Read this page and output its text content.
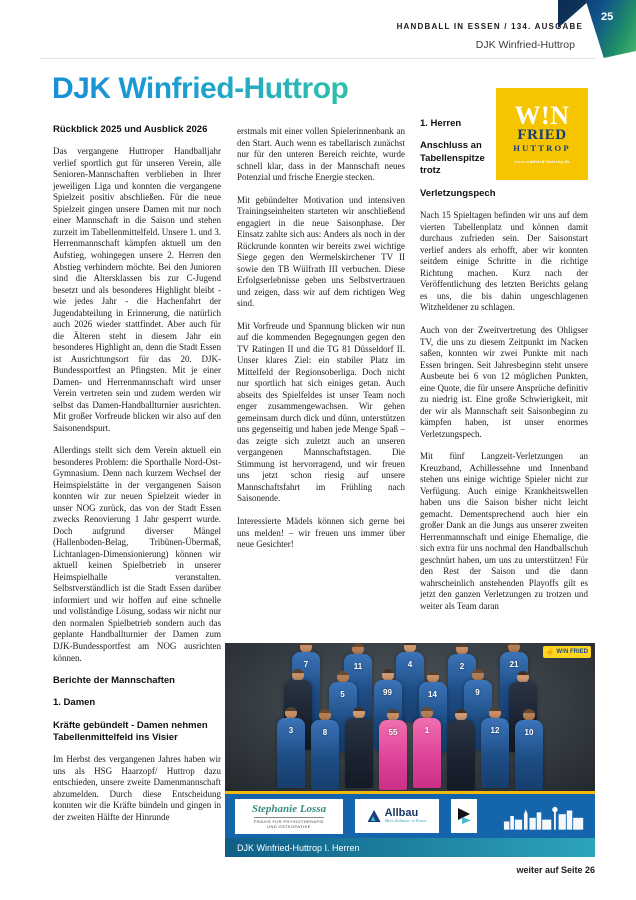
25
HANDBALL IN ESSEN / 134. AUSGABE
DJK Winfried-Huttrop
DJK Winfried-Huttrop
Rückblick 2025 und Ausblick 2026

Das vergangene Huttroper Handballjahr verlief sportlich gut für unseren Verein, alle Senioren-Mannschaften verblieben in Ihrer jeweiligen Liga und konnten die vergangene Spielzeit positiv abschließen. Für die neue Spielzeit gingen unsere Damen mit nur noch einer Mannschaft in die Saison und stehen zurzeit im Tabellenmittelfeld. Unsere 1. und 3. Herrenmannschaft kämpfen aktuell um den Aufstieg, wohingegen unsere 2. Herren den Abstieg verhindern möchte. Bei den Junioren sind die Altersklassen bis zur C-Jugend besetzt und als besonderes Highlight bleibt - wie jedes Jahr - die Hachenfahrt der Jugendabteilung in Erinnerung, die natürlich auch 2026 wieder stattfindet. Aber auch für die Älteren steht in diesem Jahr ein besonderes Highlight an, denn die Stadt Essen ist Ausrichtungsort für das 20. DJK-Bundessportfest an Pfingsten. Mit je einer Damen- und Herrenmannschaft wird unser Verein vertreten sein und zudem werden wir selbst das Damen-Handballturnier ausrichten. Mit großer Vorfreude blicken wir also auf den Saisonendspurt.

Allerdings stellt sich dem Verein aktuell ein besonderes Problem: die Sporthalle Nord-Ost-Gymnasium. Denn nach kurzem Wechsel der Heimspielstätte in der vergangenen Saison konnten wir zur neuen Spielzeit wieder in unser NOG zurück, das von der Stadt Essen zwecks Renovierung 1 Jahr gesperrt wurde. Doch aufgrund diverser Mängel (Hallenboden-Belag, Tribünen-Übermaß, Lichtanlagen-Dimensionierung) können wir aktuell keinen Spielbetrieb in unserer Heimspielhalle veranstalten. Selbstverständlich ist die Stadt Essen darüber informiert und wir hoffen auf eine schnelle und vollständige Lösung, sodass wir nicht nur den normalen Spielbetrieb sondern auch das geplante Handballturnier der Damen zum DJK-Bundessportfest am NOG ausrichten können.

Berichte der Mannschaften
1. Damen
Kräfte gebündelt - Damen nehmen Tabellenmittelfeld ins Visier

Im Herbst des vergangenen Jahres haben wir uns als HSG Haarzopf/ Huttrop dazu entschieden, unsere zweite Damenmannschaft abzumelden. Durch diese Entscheidung konnten wir die Kräfte bündeln und gingen in der zweiten Hälfte der Hinrunde

erstmals mit einer vollen Spielerinnenbank an den Start. Auch wenn es tabellarisch zunächst nur für den unteren Bereich reichte, wurde schnell klar, dass in der Mannschaft neues Potenzial und frische Energie stecken.

Mit gebündelter Motivation und intensiven Trainingseinheiten starteten wir anschließend engagiert in die neue Saisonphase. Der Einsatz zahlte sich aus: Anders als noch in der Rückrunde konnten wir bereits zwei wichtige Siege gegen den Wermelskirchener TV II sowie den TB Wülfrath III verbuchen. Diese Erfolgserlebnisse geben uns Selbstvertrauen und zeigen, dass wir auf dem richtigen Weg sind.

Mit Vorfreude und Spannung blicken wir nun auf die kommenden Begegnungen gegen den TV Ratingen II und die TG 81 Düsseldorf II. Unser klares Ziel: ein stabiler Platz im Mittelfeld der Regionsoberliga. Doch nicht nur sportlich hat sich einiges getan. Auch abseits des Spielfeldes ist unser Team noch enger zusammengewachsen. Wir gehen gemeinsam durch dick und dünn, unterstützen uns gegenseitig und haben jede Menge Spaß – das zeigte sich zuletzt auch an unseren vergangenen Mannschaftstagen. Die Stimmung ist hervorragend, und wir freuen uns jetzt schon riesig auf unsere Mannschaftsfahrt im Frühling nach Saisonende.

Interessierte Mädels können sich gerne bei uns melden! – wir freuen uns immer über neue Gesichter!

W!N
FRIED
HUTTROP
www.winfried-huttrop.de
1. Herren
Anschluss an Tabellenspitze trotz Verletzungspech

Nach 15 Spieltagen befinden wir uns auf dem vierten Tabellenplatz und können damit durchaus zufrieden sein. Der Saisonstart verlief anders als erhofft, aber wir konnten seitdem einige Schritte in die richtige Richtung machen. Kurz nach der Veröffentlichung des letzten Berichts gelang es uns, die bis dahin ungeschlagenen Witzheldener zu schlagen.

Auch von der Zweitvertretung des Ohligser TV, die uns zu diesem Zeitpunkt im Nacken saßen, konnten wir zwei Punkte mit nach Essen bringen. Seit Jahresbeginn steht unsere Ausbeute bei 6 von 12 möglichen Punkten, eine Quote, die für unsere Ansprüche definitiv zu niedrig ist. Eine große Schwierigkeit, mit der wir als Mannschaft seit Saisonbeginn zu kämpfen haben, ist unser enormes Verletzungspech.

Mit fünf Langzeit-Verletzungen an Kreuzband, Achillessehne und Innenband stehen uns einige wichtige Spieler nicht zur Verfügung. Auch einige Krankheitswellen haben uns die Saison bisher nicht leicht gemacht. Dementsprechend auch hier ein großer Dank an die Jungs aus unserer zweiten Herrenmannschaft und einige Ehemalige, die sich extra für uns nochmal den Handballschuh geschnürt haben, um uns zu unterstützen! Für den Rest der Saison und die dann wahrscheinlich anstehenden Playoffs gilt es jetzt den ganzen Verletzungen zu trotzen und weiter als Team daran

✌ W!N FRIED
7	11	4	2	21
5	99	14	9
3	8	55	1	12	10
Stephanie Lossa
PRAXIS FÜR PHYSIOTHERAPIE
UND OSTEOPATHIE
Allbau
Mein Zuhause in Essen
DJK Winfried-Huttrop I. Herren
weiter auf Seite 26
